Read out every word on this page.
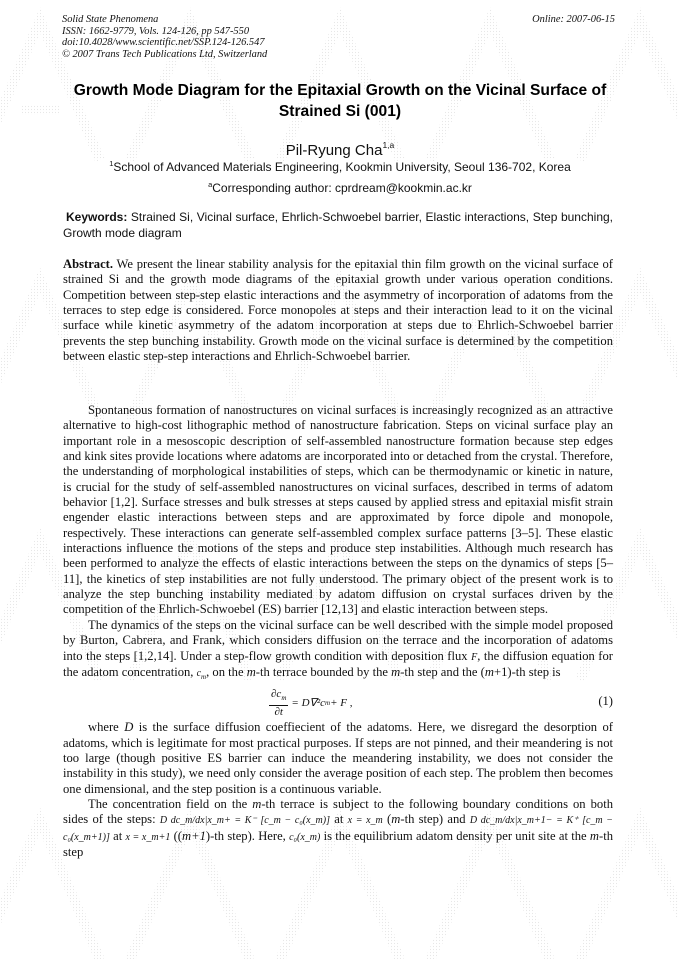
Solid State Phenomena
ISSN: 1662-9779, Vols. 124-126, pp 547-550
doi:10.4028/www.scientific.net/SSP.124-126.547
© 2007 Trans Tech Publications Ltd, Switzerland
Online: 2007-06-15
Growth Mode Diagram for the Epitaxial Growth on the Vicinal Surface of
Strained Si (001)
Pil-Ryung Cha$^{1,a}$
$^1$School of Advanced Materials Engineering, Kookmin University, Seoul 136-702, Korea
$^a$Corresponding author: cprdream@kookmin.ac.kr
Keywords: Strained Si, Vicinal surface, Ehrlich-Schwoebel barrier, Elastic interactions, Step bunching, Growth mode diagram

Abstract. We present the linear stability analysis for the epitaxial thin film growth on the vicinal surface of strained Si and the growth mode diagrams of the epitaxial growth under various operation conditions. Competition between step-step elastic interactions and the asymmetry of incorporation of adatoms from the terraces to step edge is considered. Force monopoles at steps and their interaction lead to it on the vicinal surface while kinetic asymmetry of the adatom incorporation at steps due to Ehrlich-Schwoebel barrier prevents the step bunching instability. Growth mode on the vicinal surface is determined by the competition between elastic step-step interactions and Ehrlich-Schwoebel barrier.

Spontaneous formation of nanostructures on vicinal surfaces is increasingly recognized as an attractive alternative to high-cost lithographic method of nanostructure fabrication. Steps on vicinal surface play an important role in a mesoscopic description of self-assembled nanostructure formation because step edges and kink sites provide locations where adatoms are incorporated into or detached from the crystal. Therefore, the understanding of morphological instabilities of steps, which can be thermodynamic or kinetic in nature, is crucial for the study of self-assembled nanostructures on vicinal surfaces, described in terms of adatom behavior [1,2]. Surface stresses and bulk stresses at steps caused by applied stress and epitaxial misfit strain engender elastic interactions between steps and are approximated by force dipole and monopole, respectively. These interactions can generate self-assembled complex surface patterns [3–5]. These elastic interactions influence the motions of the steps and produce step instabilities. Although much research has been performed to analyze the effects of elastic interactions between the steps on the dynamics of steps [5–11], the kinetics of step instabilities are not fully understood. The primary object of the present work is to analyze the step bunching instability mediated by adatom diffusion on crystal surfaces driven by the competition of the Ehrlich-Schwoebel (ES) barrier [12,13] and elastic interaction between steps.

The dynamics of the steps on the vicinal surface can be well described with the simple model proposed by Burton, Cabrera, and Frank, which considers diffusion on the terrace and the incorporation of adatoms into the steps [1,2,14]. Under a step-flow growth condition with deposition flux F, the diffusion equation for the adatom concentration, $c_m$, on the m-th terrace bounded by the m-th step and the (m+1)-th step is

$\frac{\partial c_m}{\partial t} = D\nabla^2c$ m + F ,	(1)

where D is the surface diffusion coeffiecient of the adatoms. Here, we disregard the desorption of adatoms, which is legitimate for most practical purposes. If steps are not pinned, and their meandering is not too large (though positive ES barrier can induce the meandering instability, we does not consider the instability in this study), we need only consider the average position of each step. The problem then becomes one dimensional, and the step position is a continuous variable.

The concentration field on the m-th terrace is subject to the following boundary conditions on both sides of the steps: D dc_m/dx|x_m+ = K⁻ [c_m − c₀(x_m)] at x = x_m (m-th step) and D dc_m/dx|x_m+1− = K⁺ [c_m − c₀(x_m+1)] at x = x_m+1 ((m+1)-th step). Here, c₀(x_m) is the equilibrium adatom density per unit site at the m-th step
